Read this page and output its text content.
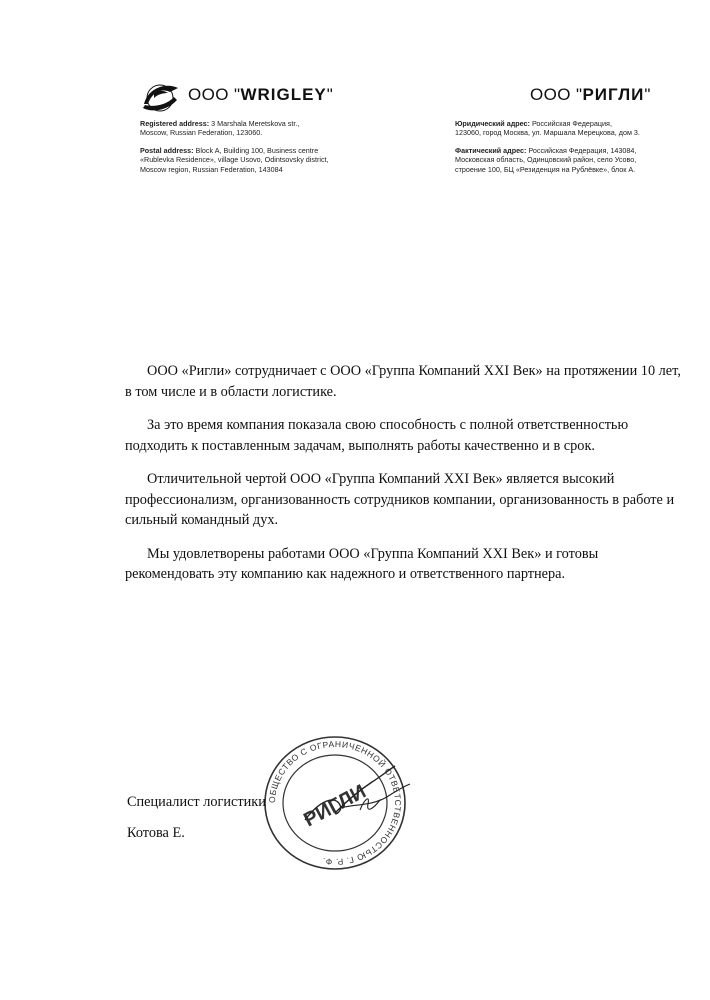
ООО "WRIGLEY"	ООО "РИГЛИ"
Registered address: 3 Marshala Meretskova str.,
Moscow, Russian Federation, 123060.
Postal address: Block A, Building 100, Business centre
«Rublevka Residence», village Usovo, Odintsovsky district,
Moscow region, Russian Federation, 143084
Юридический адрес: Российская Федерация,
123060, город Москва, ул. Маршала Мерецкова, дом 3.
Фактический адрес: Российская Федерация, 143084,
Московская область, Одинцовский район, село Усово,
строение 100, БЦ «Резиденция на Рублёвке», блок А.

ООО «Ригли» сотрудничает с ООО «Группа Компаний XXI Век» на протяжении 10 лет, в том числе и в области логистике.

За это время компания показала свою способность с полной ответственностью подходить к поставленным задачам, выполнять работы качественно и в срок.

Отличительной чертой ООО «Группа Компаний XXI Век» является высокий профессионализм, организованность сотрудников компании, организованность в работе и сильный командный дух.

Мы удовлетворены работами ООО «Группа Компаний XXI Век» и готовы рекомендовать эту компанию как надежного и ответственного партнера.

ОБЩЕСТВО С ОГРАНИЧЕННОЙ ОТВЕТСТВЕННОСТЬЮ Г. Р. Ф.
РИГЛИ
Специалист логистики
Котова Е.
